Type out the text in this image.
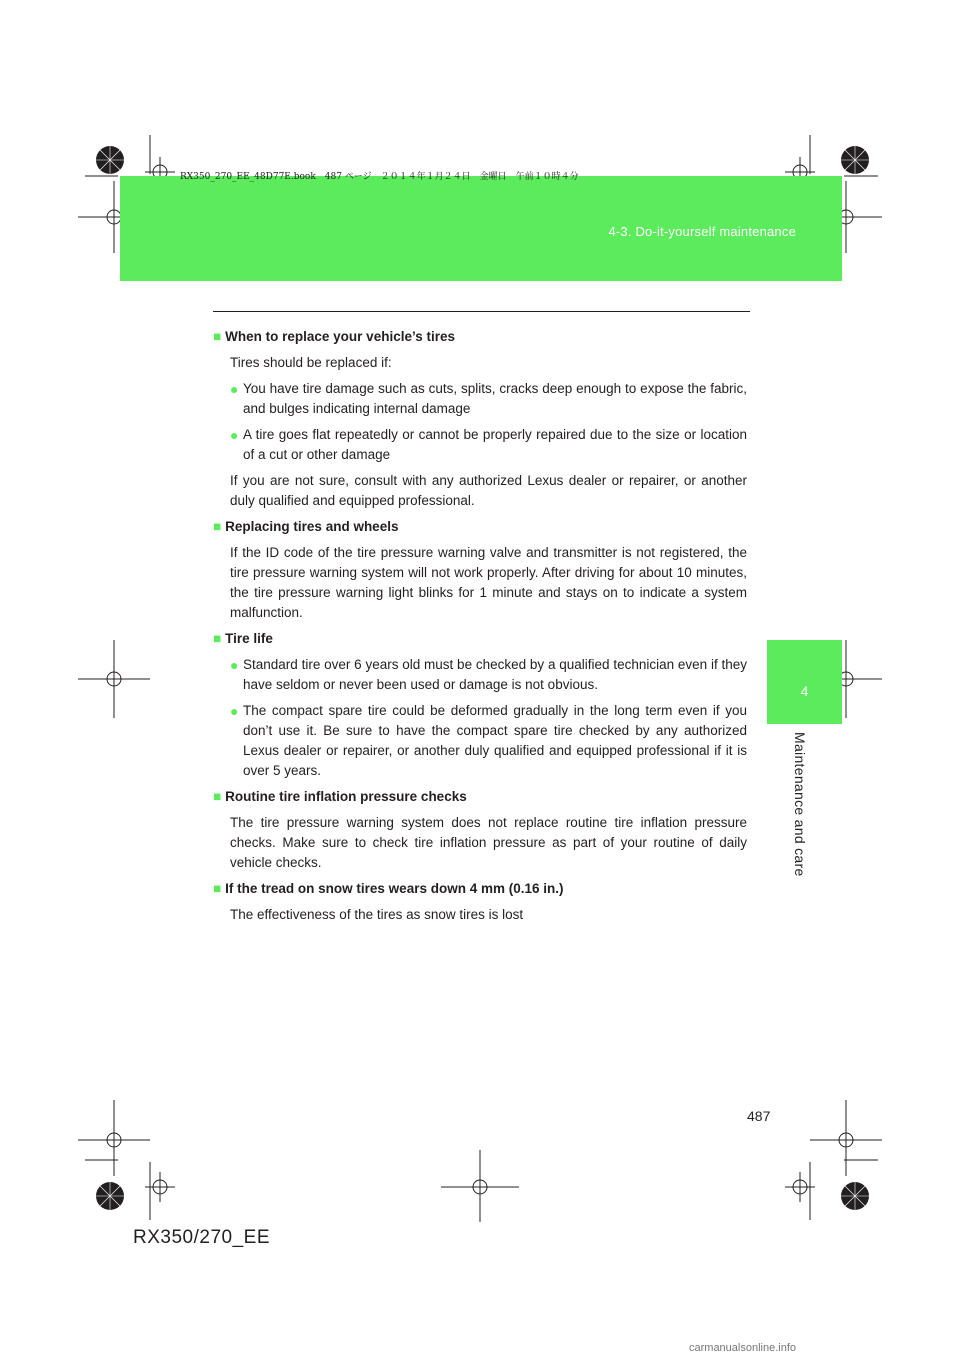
RX350_270_EE_48D77E.book　487 ページ　２０１４年１月２４日　金曜日　午前１０時４分
4-3. Do-it-yourself maintenance
4
Maintenance and care
■ When to replace your vehicle’s tires
Tires should be replaced if:
● You have tire damage such as cuts, splits, cracks deep enough to expose the fabric, and bulges indicating internal damage
● A tire goes flat repeatedly or cannot be properly repaired due to the size or location of a cut or other damage
If you are not sure, consult with any authorized Lexus dealer or repairer, or another duly qualified and equipped professional.
■ Replacing tires and wheels
If the ID code of the tire pressure warning valve and transmitter is not registered, the tire pressure warning system will not work properly. After driving for about 10 minutes, the tire pressure warning light blinks for 1 minute and stays on to indicate a system malfunction.
■ Tire life
● Standard tire over 6 years old must be checked by a qualified technician even if they have seldom or never been used or damage is not obvious.
● The compact spare tire could be deformed gradually in the long term even if you don’t use it. Be sure to have the compact spare tire checked by any authorized Lexus dealer or repairer, or another duly qualified and equipped professional if it is over 5 years.
■ Routine tire inflation pressure checks
The tire pressure warning system does not replace routine tire inflation pressure checks. Make sure to check tire inflation pressure as part of your routine of daily vehicle checks.
■ If the tread on snow tires wears down 4 mm (0.16 in.)
The effectiveness of the tires as snow tires is lost
487
RX350/270_EE
carmanualsonline.info
